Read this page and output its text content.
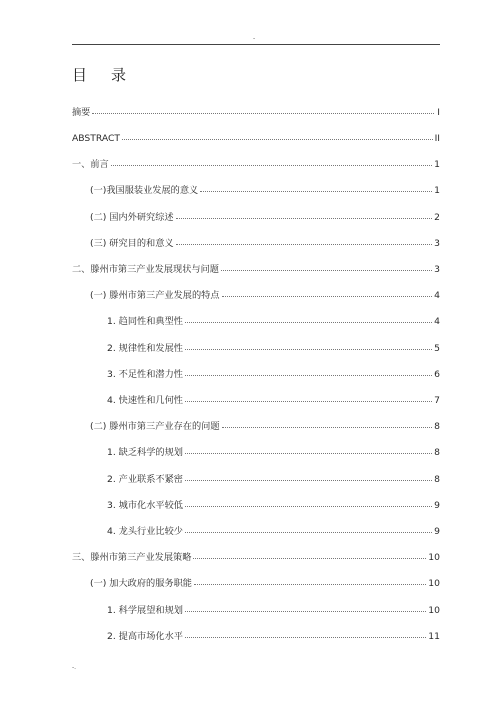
-
目 录
摘要	I
ABSTRACT	II
一、前言	1
(一)我国服装业发展的意义	1
(二) 国内外研究综述	2
(三) 研究目的和意义	3
二、滕州市第三产业发展现状与问题	3
(一) 滕州市第三产业发展的特点	4
1. 趋同性和典型性	4
2. 规律性和发展性	5
3. 不足性和潜力性	6
4. 快速性和几何性	7
(二) 滕州市第三产业存在的问题	8
1. 缺乏科学的规划	8
2. 产业联系不紧密	8
3. 城市化水平较低	9
4. 龙头行业比较少	9
三、滕州市第三产业发展策略	10
(一) 加大政府的服务职能	10
1. 科学展望和规划	10
2. 提高市场化水平	11
-.
